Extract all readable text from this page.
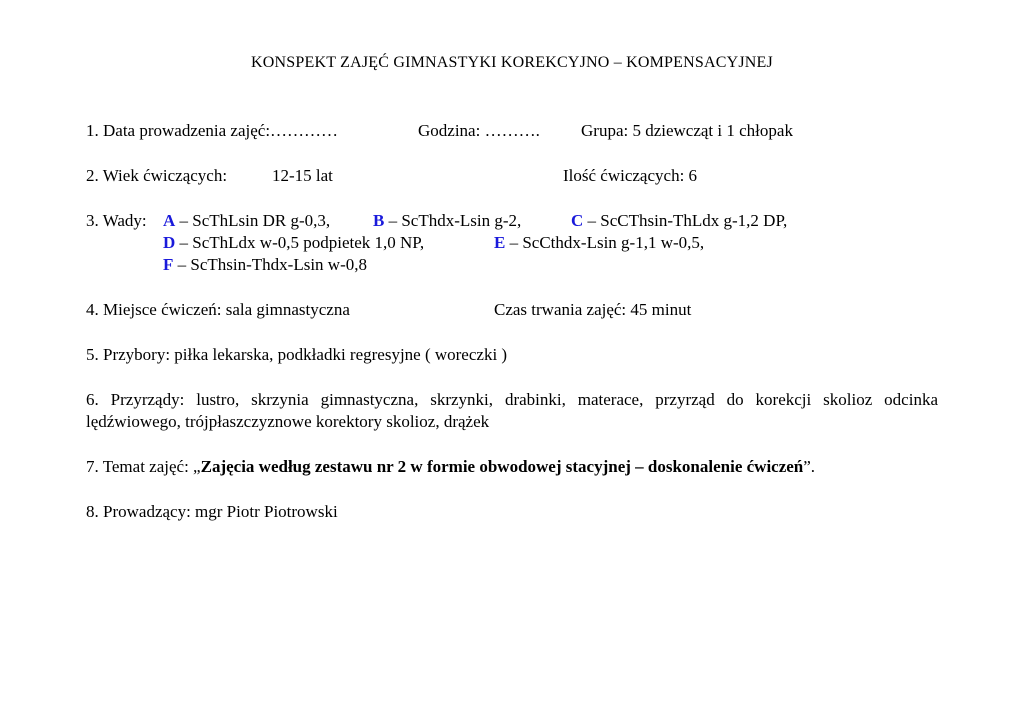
KONSPEKT ZAJĘĆ GIMNASTYKI KOREKCYJNO – KOMPENSACYJNEJ
1. Data prowadzenia zajęć:…………	Godzina: ………. Grupa: 5 dziewcząt i 1 chłopak
2. Wiek ćwiczących:	12-15 lat	Ilość ćwiczących: 6
3. Wady: A – ScThLsin DR g-0,3,	B – ScThdx-Lsin g-2,	C – ScCThsin-ThLdx g-1,2 DP,
D – ScThLdx w-0,5 podpietek 1,0 NP,	E – ScCthdx-Lsin g-1,1 w-0,5,
F – ScThsin-Thdx-Lsin w-0,8
4. Miejsce ćwiczeń: sala gimnastyczna	Czas trwania zajęć: 45 minut
5. Przybory: piłka lekarska, podkładki regresyjne ( woreczki )
6. Przyrządy: lustro, skrzynia gimnastyczna, skrzynki, drabinki, materace, przyrząd do korekcji skolioz odcinka lędźwiowego, trójpłaszczyznowe korektory skolioz, drążek
7. Temat zajęć: „Zajęcia według zestawu nr 2 w formie obwodowej stacyjnej – doskonalenie ćwiczeń”.
8. Prowadzący: mgr Piotr Piotrowski
